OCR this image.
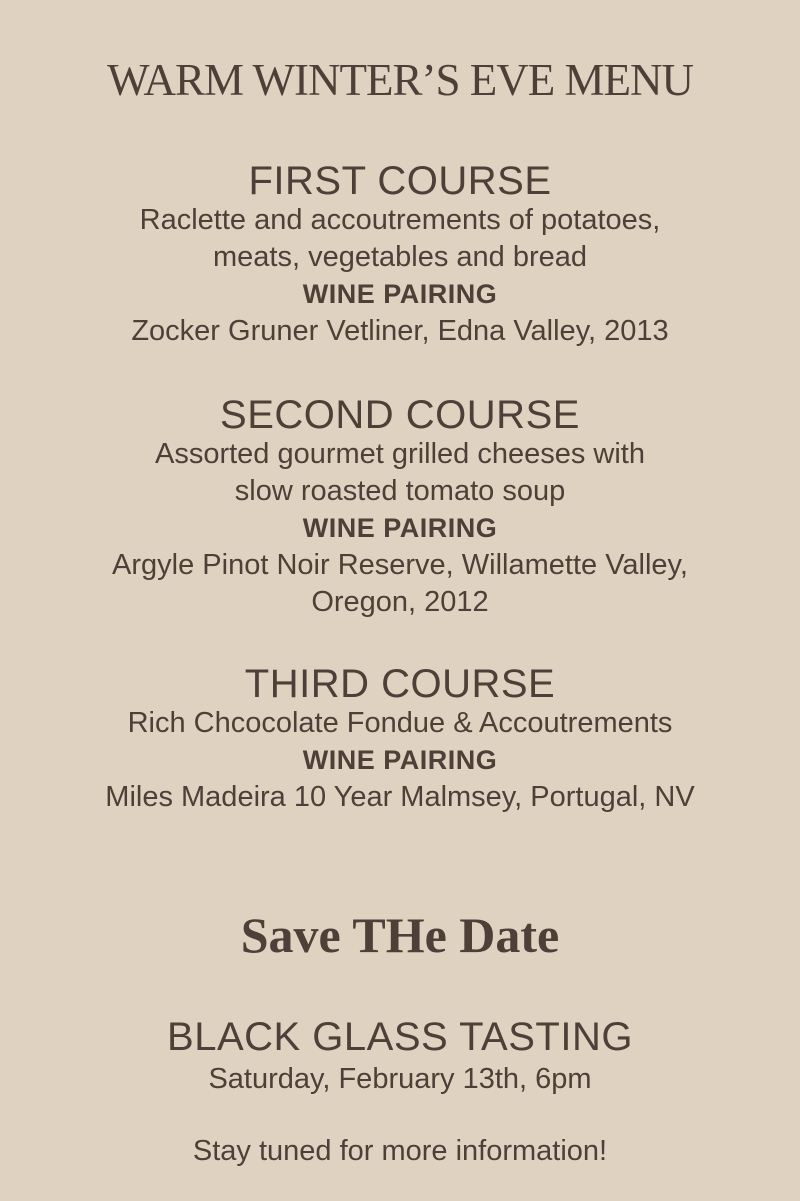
WARM WINTER’S EVE MENU

FIRST COURSE

Raclette and accoutrements of potatoes,

meats, vegetables and bread

WINE PAIRING

Zocker Gruner Vetliner, Edna Valley, 2013

SECOND COURSE

Assorted gourmet grilled cheeses with

slow roasted tomato soup

WINE PAIRING

Argyle Pinot Noir Reserve, Willamette Valley,

Oregon, 2012

THIRD COURSE

Rich Chcocolate Fondue & Accoutrements

WINE PAIRING

Miles Madeira 10 Year Malmsey, Portugal, NV

Save THe Date

BLACK GLASS TASTING

Saturday, February 13th, 6pm

Stay tuned for more information!
